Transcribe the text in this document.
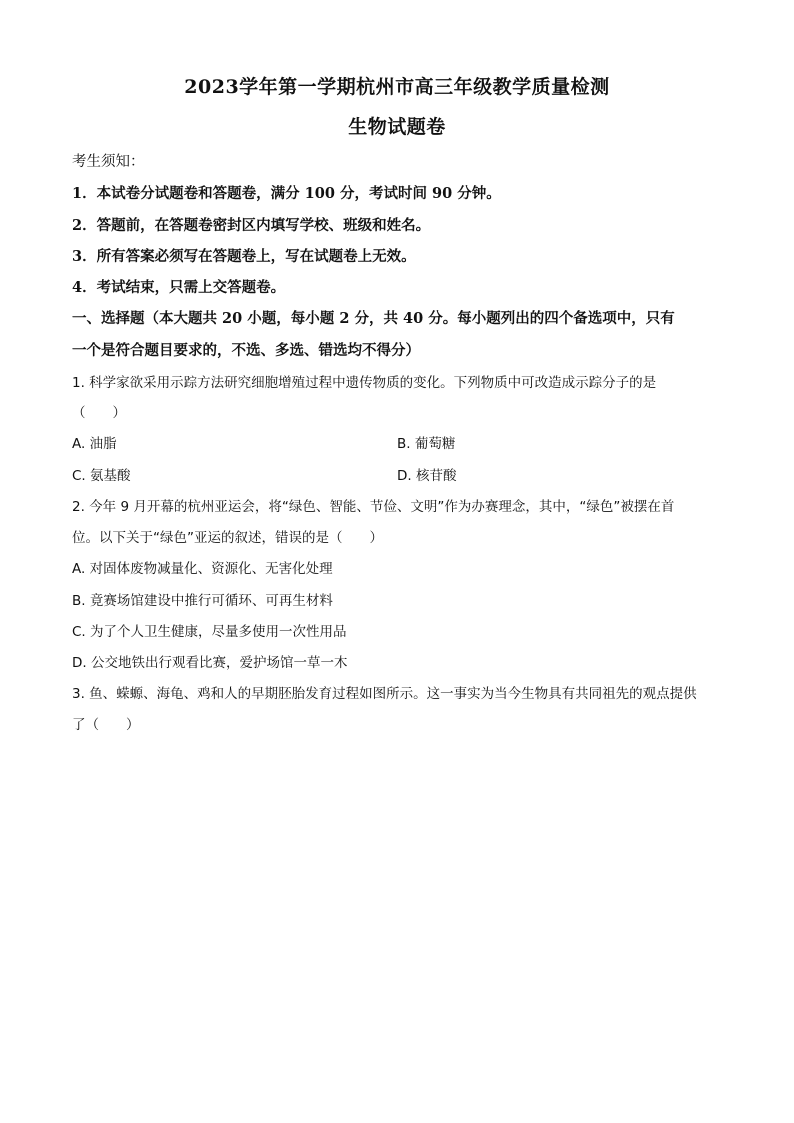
2023学年第一学期杭州市高三年级教学质量检测
生物试题卷
考生须知：
1．本试卷分试题卷和答题卷，满分 100 分，考试时间 90 分钟。
2．答题前，在答题卷密封区内填写学校、班级和姓名。
3．所有答案必须写在答题卷上，写在试题卷上无效。
4．考试结束，只需上交答题卷。
一、选择题（本大题共 20 小题，每小题 2 分，共 40 分。每小题列出的四个备选项中，只有
一个是符合题目要求的，不选、多选、错选均不得分）
1. 科学家欲采用示踪方法研究细胞增殖过程中遗传物质的变化。下列物质中可改造成示踪分子的是
（　　）
A. 油脂	B. 葡萄糖
C. 氨基酸	D. 核苷酸
2. 今年 9 月开幕的杭州亚运会，将“绿色、智能、节俭、文明”作为办赛理念，其中，“绿色”被摆在首
位。以下关于“绿色”亚运的叙述，错误的是（　　）
A. 对固体废物减量化、资源化、无害化处理
B. 竟赛场馆建设中推行可循环、可再生材料
C. 为了个人卫生健康，尽量多使用一次性用品
D. 公交地铁出行观看比赛，爱护场馆一草一木
3. 鱼、蝾螈、海龟、鸡和人的早期胚胎发育过程如图所示。这一事实为当今生物具有共同祖先的观点提供
了（　　）
